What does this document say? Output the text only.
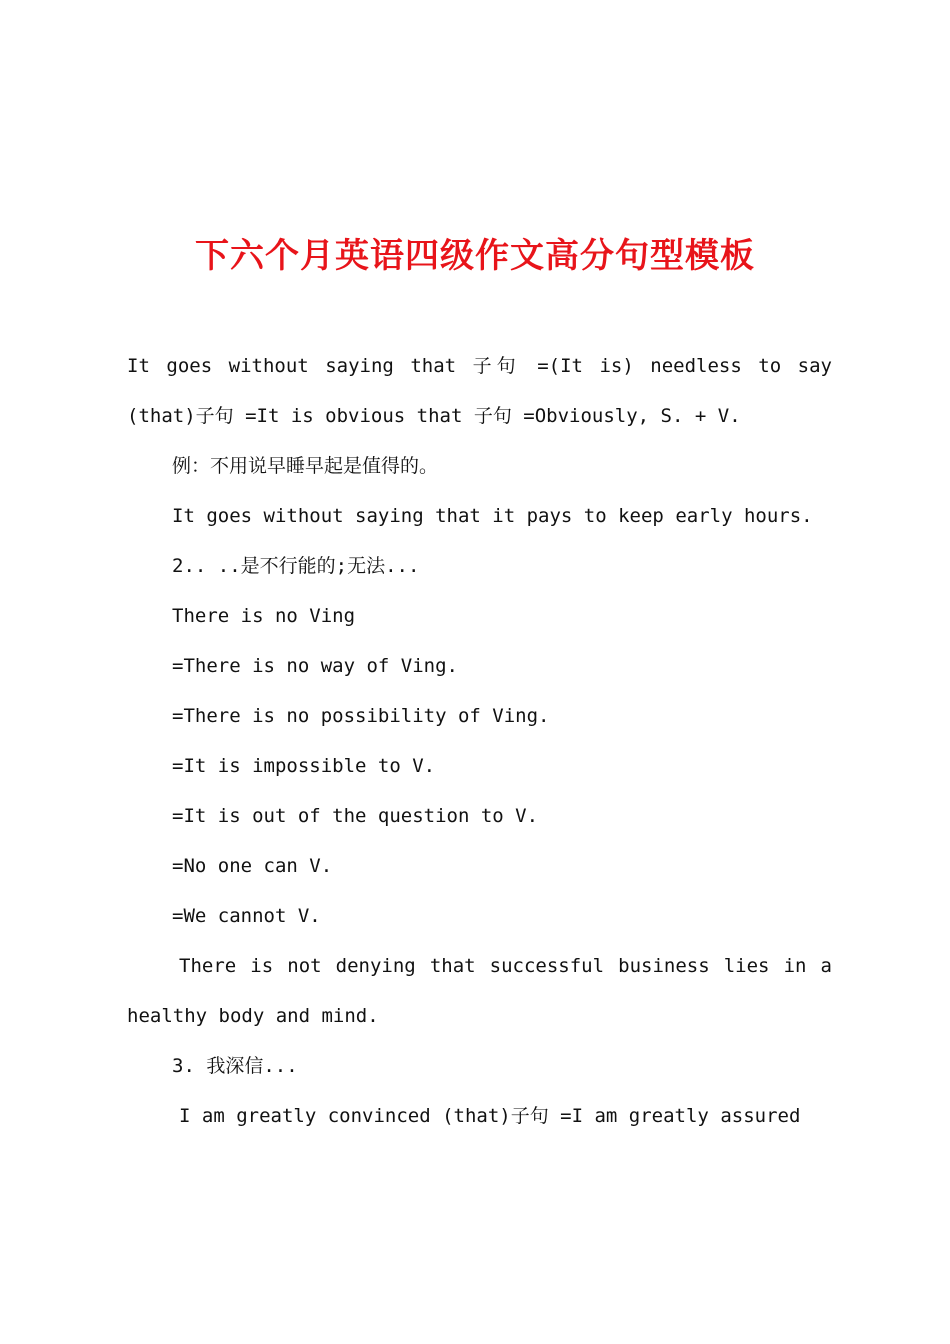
下六个月英语四级作文高分句型模板

It goes without saying that 子句 =(It is) needless to say (that)子句 =It is obvious that 子句 =Obviously, S. + V.

例：不用说早睡早起是值得的。

It goes without saying that it pays to keep early hours.

2.. ..是不行能的;无法...

There is no Ving

=There is no way of Ving.

=There is no possibility of Ving.

=It is impossible to V.

=It is out of the question to V.

=No one can V.

=We cannot V.

There is not denying that successful business lies in a healthy body and mind.

3. 我深信...

I am greatly convinced (that)子句 =I am greatly assured
